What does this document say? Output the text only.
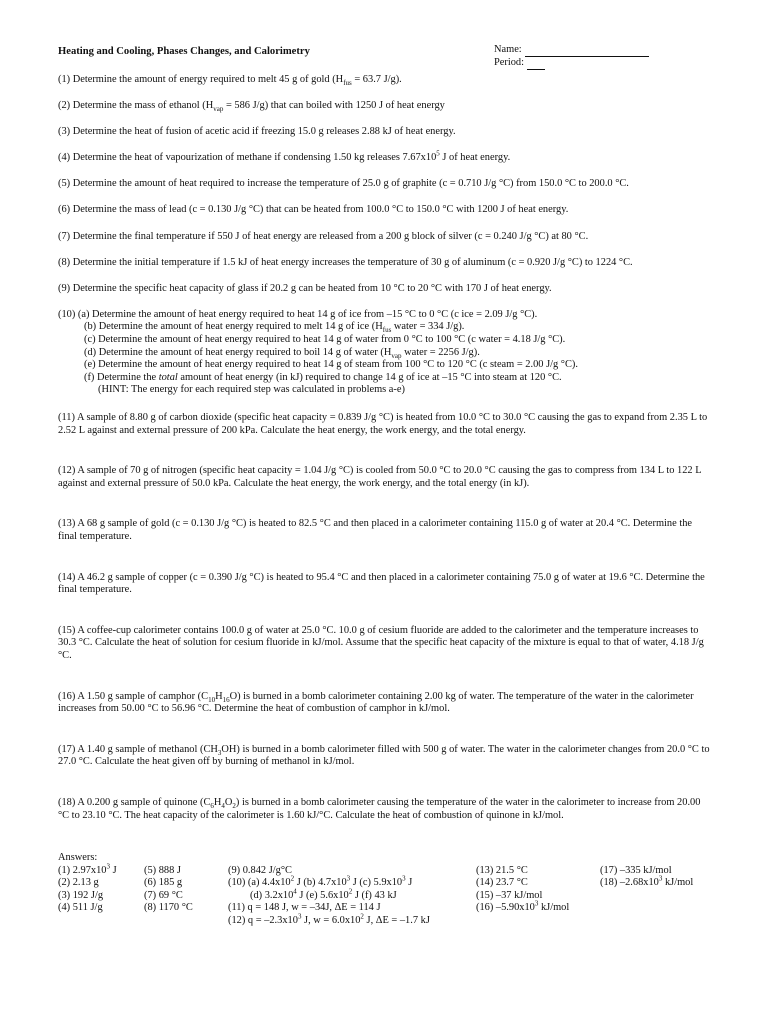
Heating and Cooling, Phases Changes, and Calorimetry	Name:
Period:

(1) Determine the amount of energy required to melt 45 g of gold ($H_{fus} = 63.7$ J/g).

(2) Determine the mass of ethanol ($H_{vap} = 586$ J/g) that can boiled with 1250 J of heat energy

(3) Determine the heat of fusion of acetic acid if freezing 15.0 g releases 2.88 kJ of heat energy.

(4) Determine the heat of vapourization of methane if condensing 1.50 kg releases $7.67x10^5$ J of heat energy.

(5) Determine the amount of heat required to increase the temperature of 25.0 g of graphite (c = 0.710 J/g °C) from 150.0 °C to 200.0 °C.

(6) Determine the mass of lead (c = 0.130 J/g °C) that can be heated from 100.0 °C to 150.0 °C with 1200 J of heat energy.

(7) Determine the final temperature if 550 J of heat energy are released from a 200 g block of silver (c = 0.240 J/g °C) at 80 °C.

(8) Determine the initial temperature if 1.5 kJ of heat energy increases the temperature of 30 g of aluminum (c = 0.920 J/g °C) to 1224 °C.

(9) Determine the specific heat capacity of glass if 20.2 g can be heated from 10 °C to 20 °C with 170 J of heat energy.

(10) (a) Determine the amount of heat energy required to heat 14 g of ice from –15 °C to 0 °C (c ice = 2.09 J/g °C).
(b) Determine the amount of heat energy required to melt 14 g of ice ($H_{fus}$ water = 334 J/g).
(c) Determine the amount of heat energy required to heat 14 g of water from 0 °C to 100 °C (c water = 4.18 J/g °C).
(d) Determine the amount of heat energy required to boil 14 g of water ($H_{vap}$ water = 2256 J/g).
(e) Determine the amount of heat energy required to heat 14 g of steam from 100 °C to 120 °C (c steam = 2.00 J/g °C).
(f) Determine the total amount of heat energy (in kJ) required to change 14 g of ice at –15 °C into steam at 120 °C.
(HINT: The energy for each required step was calculated in problems a-e)

(11) A sample of 8.80 g of carbon dioxide (specific heat capacity = 0.839 J/g °C) is heated from 10.0 °C to 30.0 °C causing the gas to expand from 2.35 L to 2.52 L against and external pressure of 200 kPa. Calculate the heat energy, the work energy, and the total energy.

(12) A sample of 70 g of nitrogen (specific heat capacity = 1.04 J/g °C) is cooled from 50.0 °C to 20.0 °C causing the gas to compress from 134 L to 122 L against and external pressure of 50.0 kPa. Calculate the heat energy, the work energy, and the total energy (in kJ).

(13) A 68 g sample of gold (c = 0.130 J/g °C) is heated to 82.5 °C and then placed in a calorimeter containing 115.0 g of water at 20.4 °C. Determine the final temperature.

(14) A 46.2 g sample of copper (c = 0.390 J/g °C) is heated to 95.4 °C and then placed in a calorimeter containing 75.0 g of water at 19.6 °C. Determine the final temperature.

(15) A coffee-cup calorimeter contains 100.0 g of water at 25.0 °C. 10.0 g of cesium fluoride are added to the calorimeter and the temperature increases to 30.3 °C. Calculate the heat of solution for cesium fluoride in kJ/mol. Assume that the specific heat capacity of the mixture is equal to that of water, 4.18 J/g °C.

(16) A 1.50 g sample of camphor $(C_{10}H_{16}O)$ is burned in a bomb calorimeter containing 2.00 kg of water. The temperature of the water in the calorimeter increases from 50.00 °C to 56.96 °C. Determine the heat of combustion of camphor in kJ/mol.

(17) A 1.40 g sample of methanol $(CH_3OH)$ is burned in a bomb calorimeter filled with 500 g of water. The water in the calorimeter changes from 20.0 °C to 27.0 °C. Calculate the heat given off by burning of methanol in kJ/mol.

(18) A 0.200 g sample of quinone $(C_6H_4O_2)$ is burned in a bomb calorimeter causing the temperature of the water in the calorimeter to increase from 20.00 °C to 23.10 °C. The heat capacity of the calorimeter is 1.60 kJ/°C. Calculate the heat of combustion of quinone in kJ/mol.

Answers:
(1) $2.97x10^3$ J
(2) 2.13 g
(3) 192 J/g
(4) 511 J/g
(5) 888 J
(6) 185 g
(7) 69 °C
(8) 1170 °C
(9) 0.842 J/g°C
(10) (a) $4.4x10^2$ J (b) $4.7x10^3$ J (c) $5.9x10^3$ J
(d) $3.2x10^4$ J (e) $5.6x10^2$ J (f) 43 kJ
(11) q = 148 J, w = –34J, ΔE = 114 J
(12) $q = -2.3x10^3$ J, $w = 6.0x10^2$ J, ΔE = –1.7 kJ
(13) 21.5 °C
(14) 23.7 °C
(15) –37 kJ/mol
(16) $-5.90x10^3$ kJ/mol
(17) –335 kJ/mol
(18) $-2.68x10^3$ kJ/mol
